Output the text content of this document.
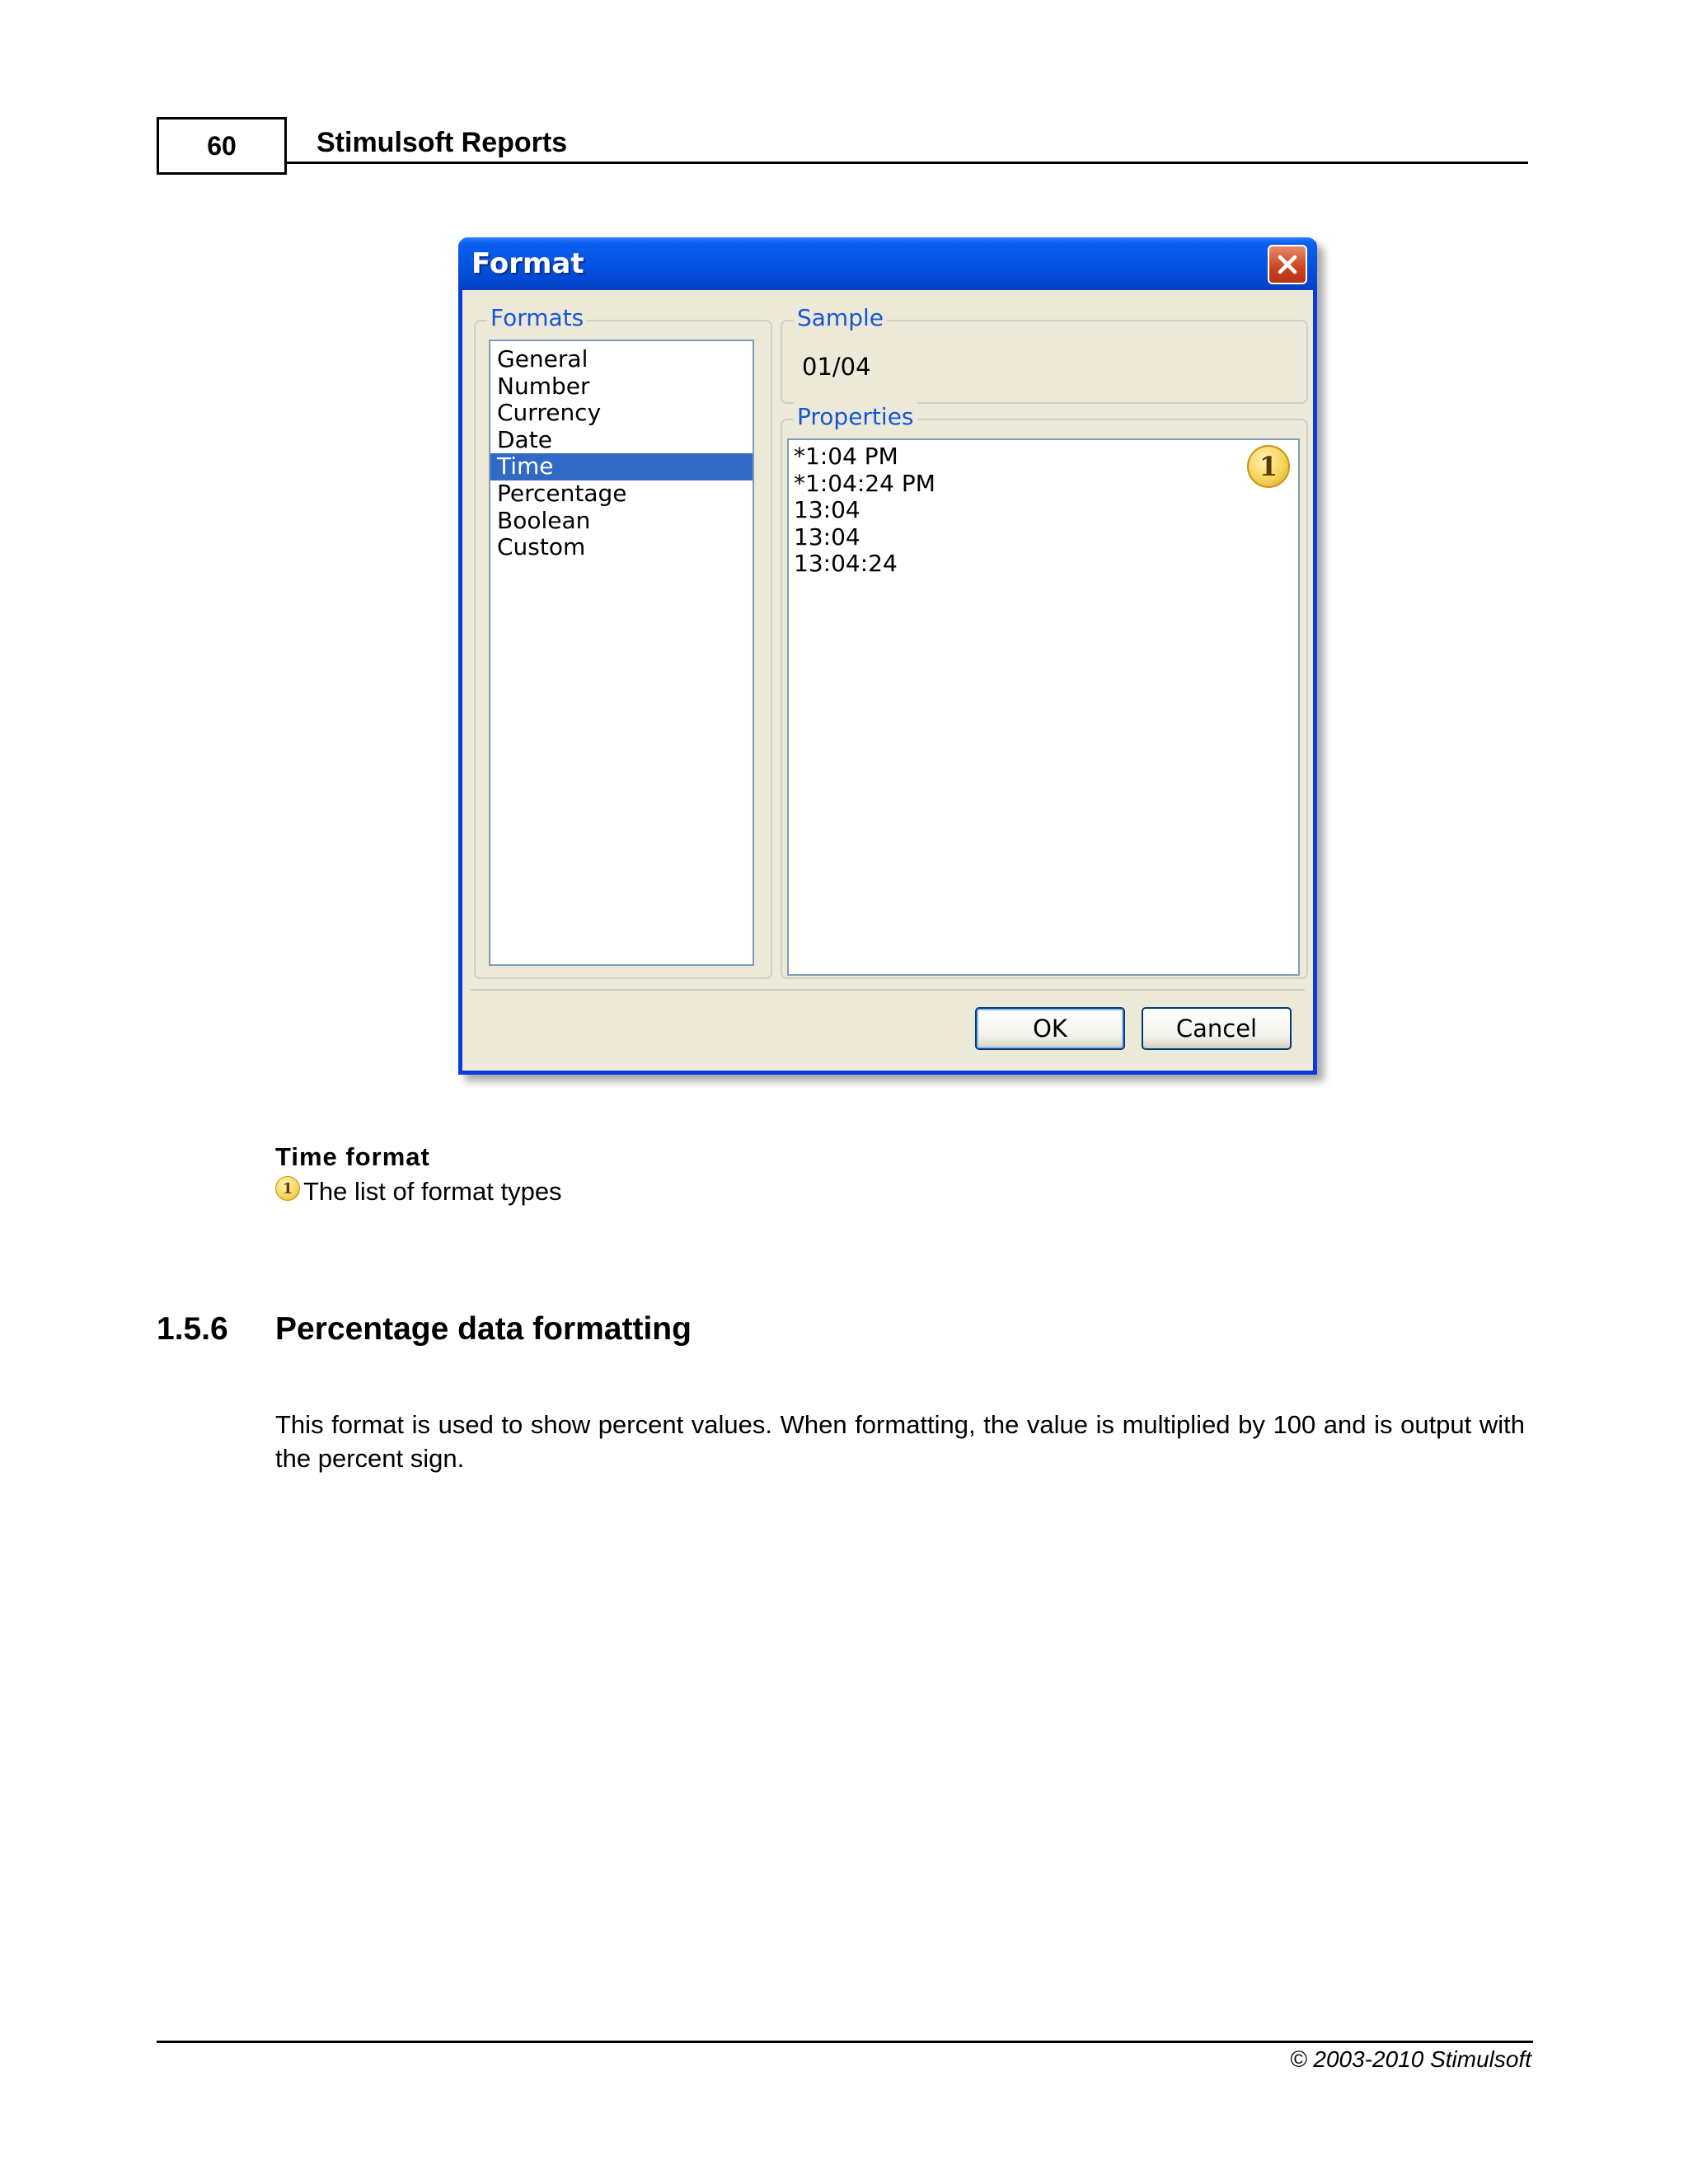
60	Stimulsoft Reports
Format
Formats
General
Number
Currency
Date
Time
Percentage
Boolean
Custom
Sample
01/04
Properties
*1:04 PM
*1:04:24 PM
13:04
13:04
13:04:24
1
OK	Cancel
Time format
1 The list of format types
1.5.6 Percentage data formatting
This format is used to show percent values. When formatting, the value is multiplied by 100 and is output with the percent sign.
© 2003-2010 Stimulsoft
